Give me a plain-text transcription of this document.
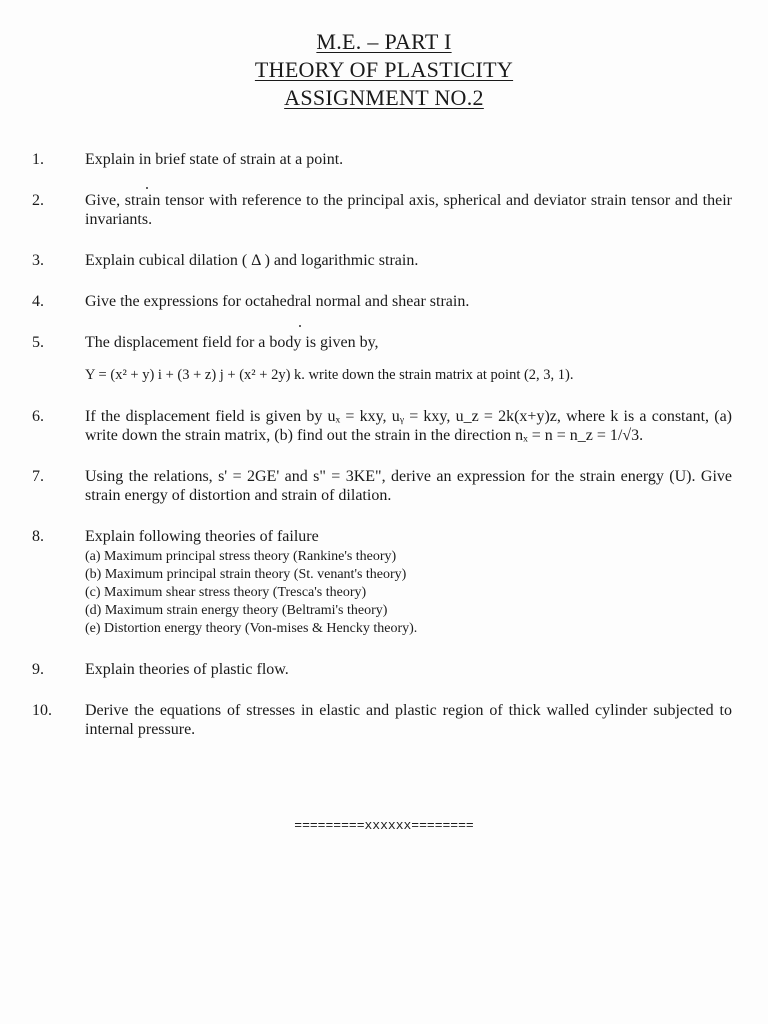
M.E. – PART I
THEORY OF PLASTICITY
ASSIGNMENT NO.2
1.	Explain in brief state of strain at a point.
2.	Give, strain tensor with reference to the principal axis, spherical and deviator strain tensor and their invariants.
3.	Explain cubical dilation ( Δ ) and logarithmic strain.
4.	Give the expressions for octahedral normal and shear strain.
5.	The displacement field for a body is given by,
Y = (x² + y) i + (3 + z) j + (x² + 2y) k. write down the strain matrix at point (2, 3, 1).
6.	If the displacement field is given by uₓ = kxy, uᵧ = kxy, u_z = 2k(x+y)z, where k is a constant, (a) write down the strain matrix, (b) find out the strain in the direction nₓ = n = n_z = 1/√3.
7.	Using the relations, s' = 2GE' and s" = 3KE", derive an expression for the strain energy (U). Give strain energy of distortion and strain of dilation.
8.	Explain following theories of failure
(a) Maximum principal stress theory (Rankine's theory)
(b) Maximum principal strain theory (St. venant's theory)
(c) Maximum shear stress theory (Tresca's theory)
(d) Maximum strain energy theory (Beltrami's theory)
(e) Distortion energy theory (Von-mises & Hencky theory).
9.	Explain theories of plastic flow.
10.	Derive the equations of stresses in elastic and plastic region of thick walled cylinder subjected to internal pressure.
=========xxxxxx========
